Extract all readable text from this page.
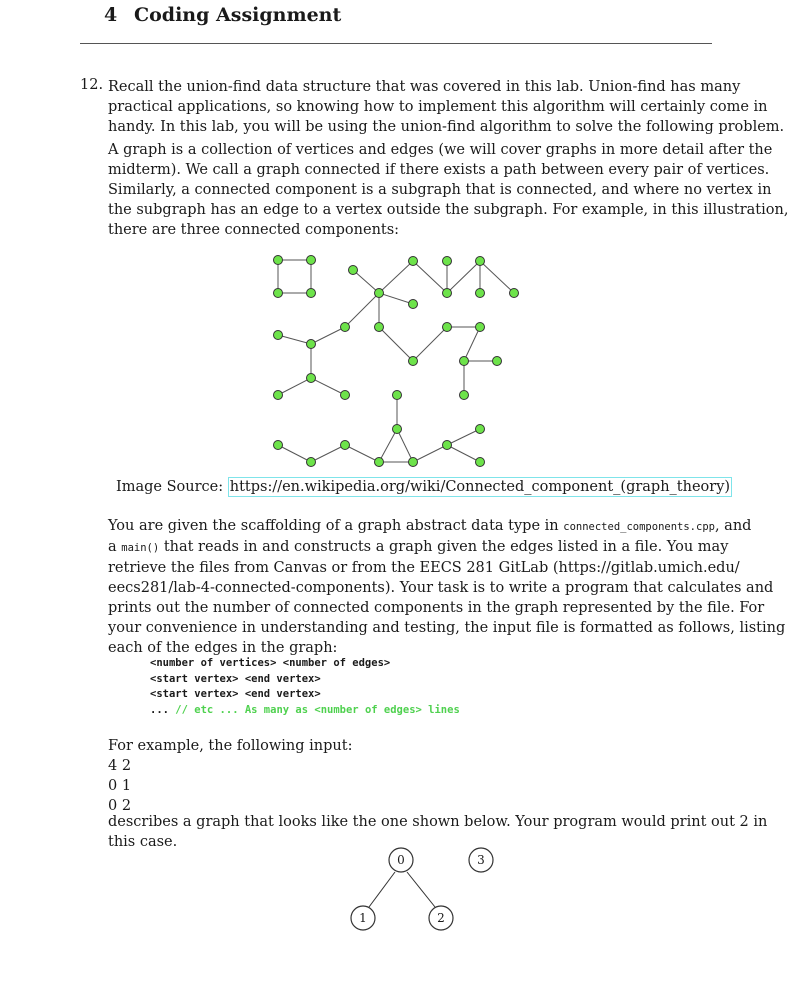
4 Coding Assignment
12. Recall the union-find data structure that was covered in this lab. Union-find has many
practical applications, so knowing how to implement this algorithm will certainly come in
handy. In this lab, you will be using the union-find algorithm to solve the following problem.

A graph is a collection of vertices and edges (we will cover graphs in more detail after the
midterm). We call a graph connected if there exists a path between every pair of vertices.
Similarly, a connected component is a subgraph that is connected, and where no vertex in
the subgraph has an edge to a vertex outside the subgraph. For example, in this illustration,
there are three connected components:

Image Source: https://en.wikipedia.org/wiki/Connected_component_(graph_theory)

You are given the scaffolding of a graph abstract data type in connected_components.cpp, and
a main() that reads in and constructs a graph given the edges listed in a file. You may
retrieve the files from Canvas or from the EECS 281 GitLab (https://gitlab.umich.edu/
eecs281/lab-4-connected-components). Your task is to write a program that calculates and
prints out the number of connected components in the graph represented by the file. For
your convenience in understanding and testing, the input file is formatted as follows, listing
each of the edges in the graph:

<number of vertices> <number of edges>
<start vertex> <end vertex>
<start vertex> <end vertex>
... // etc ... As many as <number of edges> lines
For example, the following input:
4 2
0 1
0 2

describes a graph that looks like the one shown below. Your program would print out 2 in
this case.

0
1	2
3
